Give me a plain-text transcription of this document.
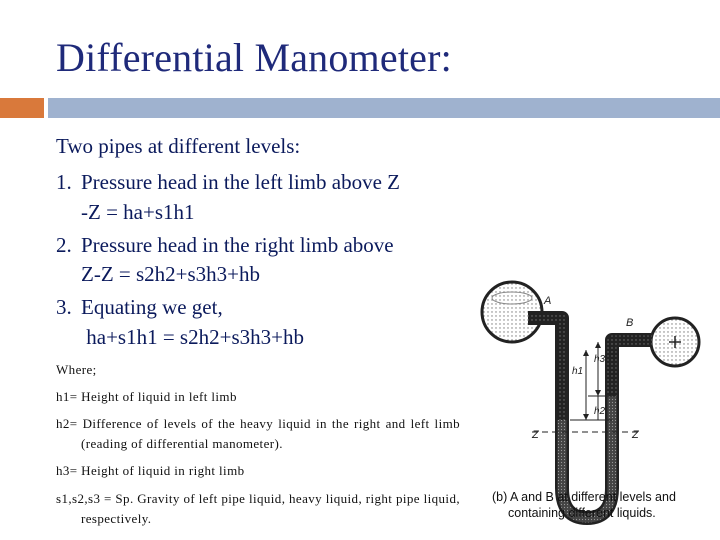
Differential Manometer:
Two pipes at different levels:
1. Pressure head in the left limb above Z
-Z = ha+s1h1
2. Pressure head in the right limb above
Z-Z = s2h2+s3h3+hb
3. Equating we get,
ha+s1h1 = s2h2+s3h3+hb
Where;
h1= Height of liquid in left limb
h2= Difference of levels of the heavy liquid in the right and left limb (reading of differential manometer).
h3= Height of liquid in right limb
s1,s2,s3 = Sp. Gravity of left pipe liquid, heavy liquid, right pipe liquid, respectively.
A
B
h3
h1
h2
Z	Z
(b) A and B at different levels and
containing different liquids.
